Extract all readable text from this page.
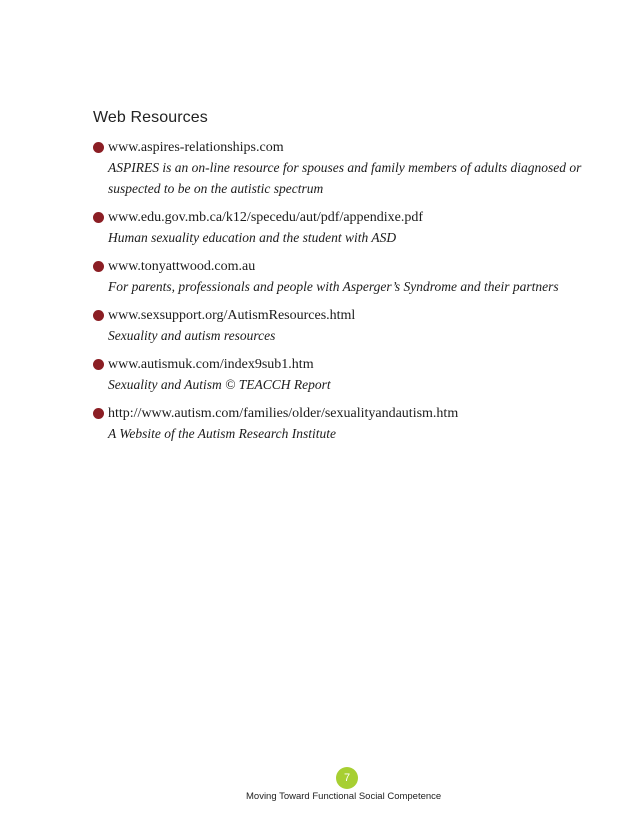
Web Resources
www.aspires-relationships.com
ASPIRES is an on-line resource for spouses and family members of adults diagnosed or suspected to be on the autistic spectrum
www.edu.gov.mb.ca/k12/specedu/aut/pdf/appendixe.pdf
Human sexuality education and the student with ASD
www.tonyattwood.com.au
For parents, professionals and people with Asperger’s Syndrome and their partners
www.sexsupport.org/AutismResources.html
Sexuality and autism resources
www.autismuk.com/index9sub1.htm
Sexuality and Autism © TEACCH Report
http://www.autism.com/families/older/sexualityandautism.htm
A Website of the Autism Research Institute
7
Moving Toward Functional Social Competence
